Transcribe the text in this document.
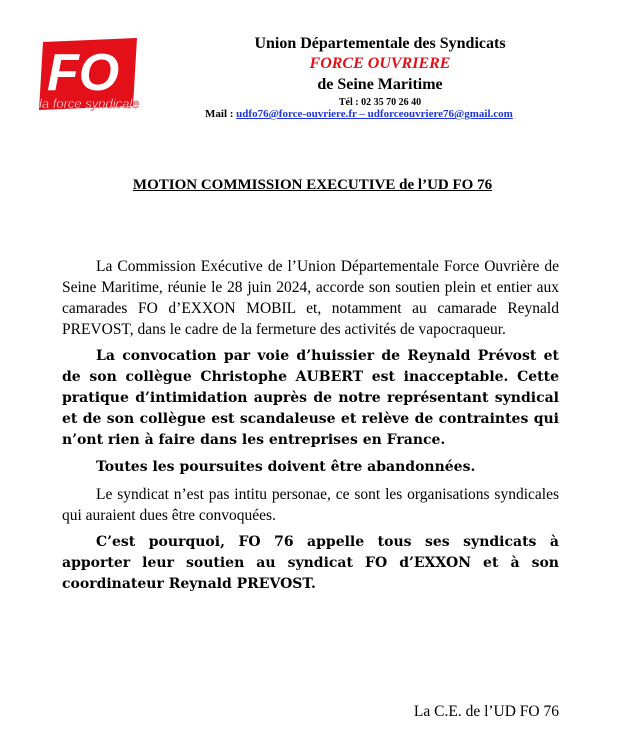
FO
la force syndicale
Union Départementale des Syndicats
FORCE OUVRIERE
de Seine Maritime
Tél : 02 35 70 26 40
Mail : udfo76@force-ouvriere.fr – udforceouvriere76@gmail.com
MOTION COMMISSION EXECUTIVE de l’UD FO 76

La Commission Exécutive de l’Union Départementale Force Ouvrière de Seine Maritime, réunie le 28 juin 2024, accorde son soutien plein et entier aux camarades FO d’EXXON MOBIL et, notamment au camarade Reynald PREVOST, dans le cadre de la fermeture des activités de vapocraqueur.

La convocation par voie d’huissier de Reynald Prévost et de son collègue Christophe AUBERT est inacceptable. Cette pratique d’intimidation auprès de notre représentant syndical et de son collègue est scandaleuse et relève de contraintes qui n’ont rien à faire dans les entreprises en France.

Toutes les poursuites doivent être abandonnées.

Le syndicat n’est pas intitu personae, ce sont les organisations syndicales qui auraient dues être convoquées.

C’est pourquoi, FO 76 appelle tous ses syndicats à apporter leur soutien au syndicat FO d’EXXON et à son coordinateur Reynald PREVOST.

La C.E. de l’UD FO 76
